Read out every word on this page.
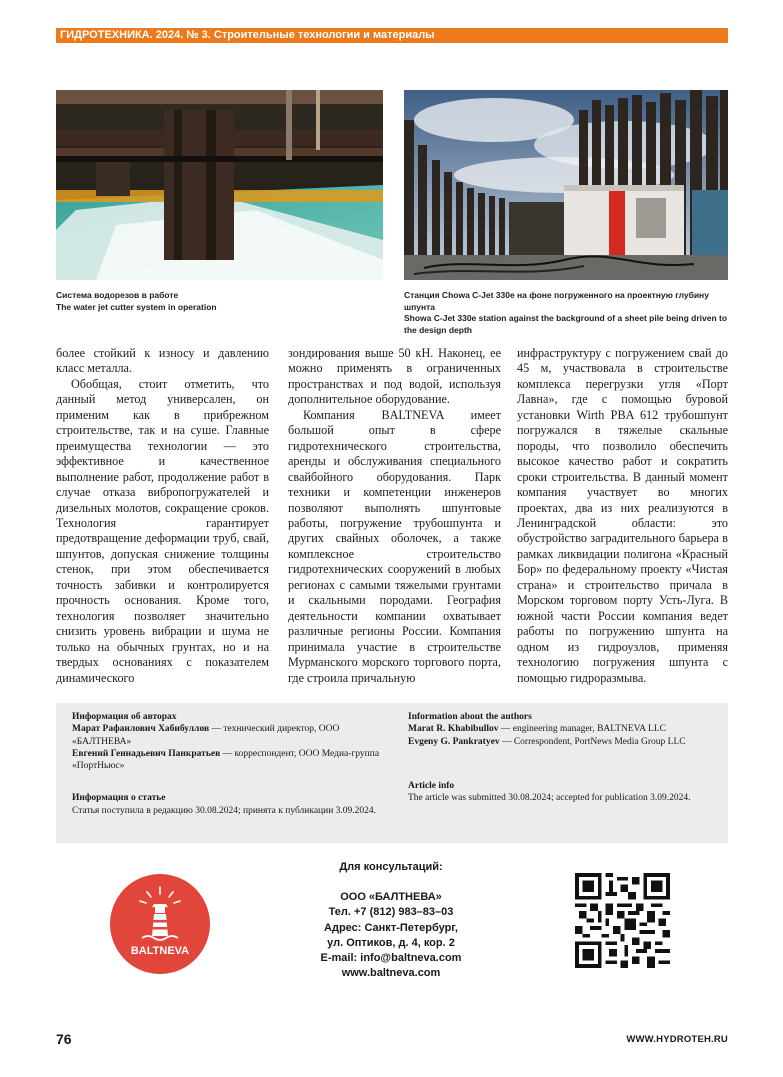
ГИДРОТЕХНИКА. 2024. № 3. Строительные технологии и материалы
Система водорезов в работе
The water jet cutter system in operation
Станция Chowa C-Jet 330e на фоне погруженного на проектную глубину шпунта
Showa C-Jet 330e station against the background of a sheet pile being driven to the design depth

более стойкий к износу и давлению класс металла.

Обобщая, стоит отметить, что данный метод универсален, он применим как в прибрежном строительстве, так и на суше. Главные преимущества технологии — это эффективное и качественное выполнение работ, продолжение работ в случае отказа вибропогружателей и дизельных молотов, сокращение сроков. Технология гарантирует предотвращение деформации труб, свай, шпунтов, допуская снижение толщины стенок, при этом обеспечивается точность забивки и контролируется прочность основания. Кроме того, технология позволяет значительно снизить уровень вибрации и шума не только на обычных грунтах, но и на твердых основаниях с показателем динамического

зондирования выше 50 кН. Наконец, ее можно применять в ограниченных пространствах и под водой, используя дополнительное оборудование.

Компания BALTNEVA имеет большой опыт в сфере гидротехнического строительства, аренды и обслуживания специального свайбойного оборудования. Парк техники и компетенции инженеров позволяют выполнять шпунтовые работы, погружение трубошпунта и других свайных оболочек, а также комплексное строительство гидротехнических сооружений в любых регионах с самыми тяжелыми грунтами и скальными породами. География деятельности компании охватывает различные регионы России. Компания принимала участие в строительстве Мурманского морского торгового порта, где строила причальную

инфраструктуру с погружением свай до 45 м, участвовала в строительстве комплекса перегрузки угля «Порт Лавна», где с помощью буровой установки Wirth PBA 612 трубошпунт погружался в тяжелые скальные породы, что позволило обеспечить высокое качество работ и сократить сроки строительства. В данный момент компания участвует во многих проектах, два из них реализуются в Ленинградской области: это обустройство заградительного барьера в рамках ликвидации полигона «Красный Бор» по федеральному проекту «Чистая страна» и строительство причала в Морском торговом порту Усть-Луга. В южной части России компания ведет работы по погружению шпунта на одном из гидроузлов, применяя технологию погружения шпунта с помощью гидроразмыва.

Информация об авторах
Марат Рафаилович Хабибуллов — технический директор, ООО «БАЛТНЕВА»
Евгений Геннадьевич Панкратьев — корреспондент, ООО Медиа-группа «ПортНьюс»
Информация о статье
Статья поступила в редакцию 30.08.2024; принята к публикации 3.09.2024.
Information about the authors
Marat R. Khabibullov — engineering manager, BALTNEVA LLC
Evgeny G. Pankratyev — Correspondent, PortNews Media Group LLC
Article info
The article was submitted 30.08.2024; accepted for publication 3.09.2024.
BALTNEVA
Для консультаций:
ООО «БАЛТНЕВА»
Тел. +7 (812) 983–83–03
Адрес: Санкт-Петербург,
ул. Оптиков, д. 4, кор. 2
E-mail: info@baltneva.com
www.baltneva.com
76	WWW.HYDROTEH.RU
